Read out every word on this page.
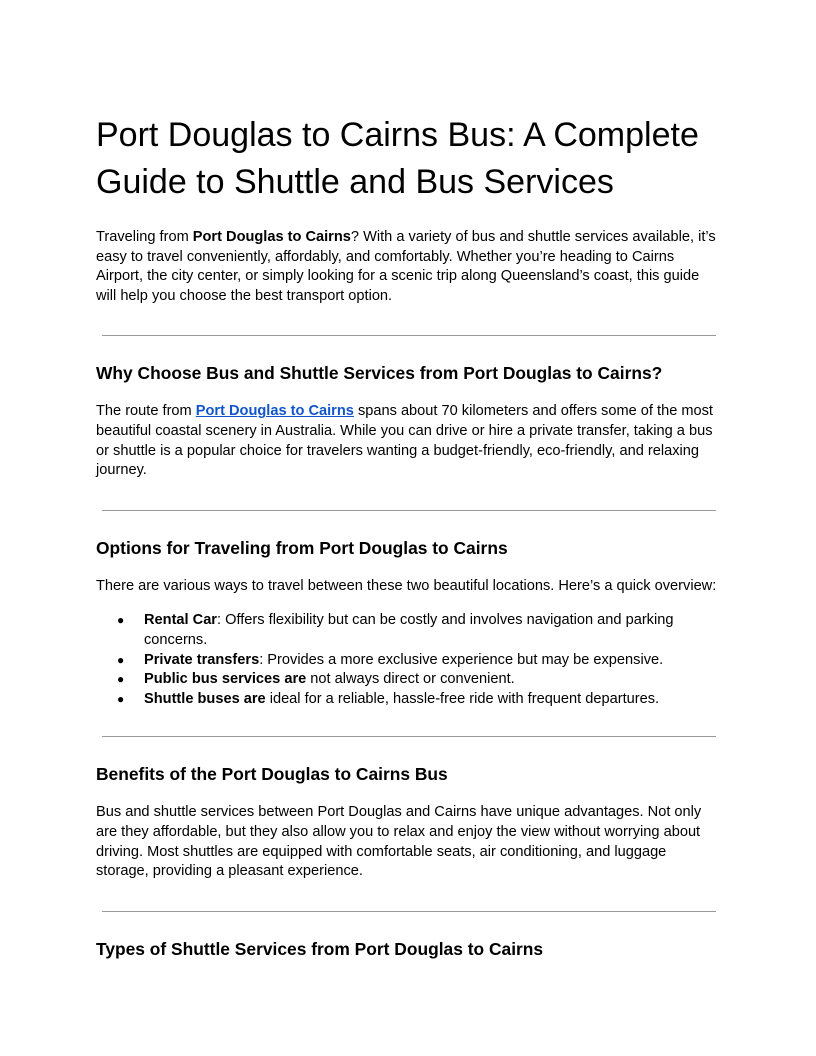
Port Douglas to Cairns Bus: A Complete Guide to Shuttle and Bus Services

Traveling from Port Douglas to Cairns? With a variety of bus and shuttle services available, it’s easy to travel conveniently, affordably, and comfortably. Whether you’re heading to Cairns Airport, the city center, or simply looking for a scenic trip along Queensland’s coast, this guide will help you choose the best transport option.

Why Choose Bus and Shuttle Services from Port Douglas to Cairns?

The route from Port Douglas to Cairns spans about 70 kilometers and offers some of the most beautiful coastal scenery in Australia. While you can drive or hire a private transfer, taking a bus or shuttle is a popular choice for travelers wanting a budget-friendly, eco-friendly, and relaxing journey.

Options for Traveling from Port Douglas to Cairns

There are various ways to travel between these two beautiful locations. Here’s a quick overview:

● Rental Car: Offers flexibility but can be costly and involves navigation and parking concerns.
● Private transfers: Provides a more exclusive experience but may be expensive.
● Public bus services are not always direct or convenient.
● Shuttle buses are ideal for a reliable, hassle-free ride with frequent departures.
Benefits of the Port Douglas to Cairns Bus

Bus and shuttle services between Port Douglas and Cairns have unique advantages. Not only are they affordable, but they also allow you to relax and enjoy the view without worrying about driving. Most shuttles are equipped with comfortable seats, air conditioning, and luggage storage, providing a pleasant experience.

Types of Shuttle Services from Port Douglas to Cairns
